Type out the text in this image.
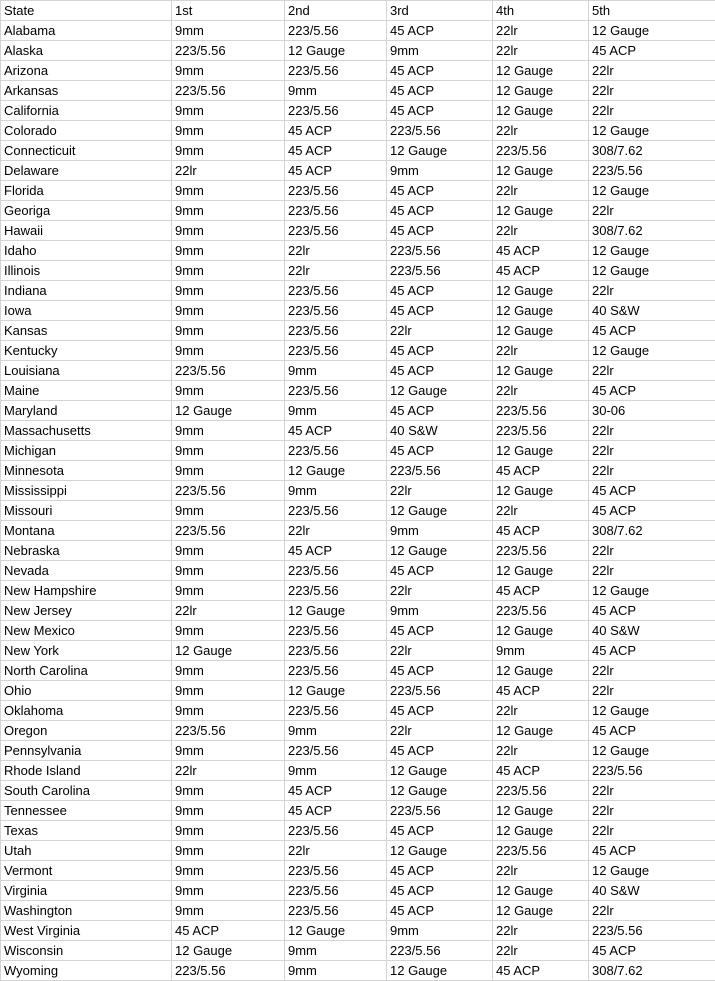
State	1st	2nd	3rd	4th	5th
Alabama	9mm	223/5.56	45 ACP	22lr	12 Gauge
Alaska	223/5.56	12 Gauge	9mm	22lr	45 ACP
Arizona	9mm	223/5.56	45 ACP	12 Gauge	22lr
Arkansas	223/5.56	9mm	45 ACP	12 Gauge	22lr
California	9mm	223/5.56	45 ACP	12 Gauge	22lr
Colorado	9mm	45 ACP	223/5.56	22lr	12 Gauge
Connecticuit	9mm	45 ACP	12 Gauge	223/5.56	308/7.62
Delaware	22lr	45 ACP	9mm	12 Gauge	223/5.56
Florida	9mm	223/5.56	45 ACP	22lr	12 Gauge
Georiga	9mm	223/5.56	45 ACP	12 Gauge	22lr
Hawaii	9mm	223/5.56	45 ACP	22lr	308/7.62
Idaho	9mm	22lr	223/5.56	45 ACP	12 Gauge
Illinois	9mm	22lr	223/5.56	45 ACP	12 Gauge
Indiana	9mm	223/5.56	45 ACP	12 Gauge	22lr
Iowa	9mm	223/5.56	45 ACP	12 Gauge	40 S&W
Kansas	9mm	223/5.56	22lr	12 Gauge	45 ACP
Kentucky	9mm	223/5.56	45 ACP	22lr	12 Gauge
Louisiana	223/5.56	9mm	45 ACP	12 Gauge	22lr
Maine	9mm	223/5.56	12 Gauge	22lr	45 ACP
Maryland	12 Gauge	9mm	45 ACP	223/5.56	30-06
Massachusetts	9mm	45 ACP	40 S&W	223/5.56	22lr
Michigan	9mm	223/5.56	45 ACP	12 Gauge	22lr
Minnesota	9mm	12 Gauge	223/5.56	45 ACP	22lr
Mississippi	223/5.56	9mm	22lr	12 Gauge	45 ACP
Missouri	9mm	223/5.56	12 Gauge	22lr	45 ACP
Montana	223/5.56	22lr	9mm	45 ACP	308/7.62
Nebraska	9mm	45 ACP	12 Gauge	223/5.56	22lr
Nevada	9mm	223/5.56	45 ACP	12 Gauge	22lr
New Hampshire	9mm	223/5.56	22lr	45 ACP	12 Gauge
New Jersey	22lr	12 Gauge	9mm	223/5.56	45 ACP
New Mexico	9mm	223/5.56	45 ACP	12 Gauge	40 S&W
New York	12 Gauge	223/5.56	22lr	9mm	45 ACP
North Carolina	9mm	223/5.56	45 ACP	12 Gauge	22lr
Ohio	9mm	12 Gauge	223/5.56	45 ACP	22lr
Oklahoma	9mm	223/5.56	45 ACP	22lr	12 Gauge
Oregon	223/5.56	9mm	22lr	12 Gauge	45 ACP
Pennsylvania	9mm	223/5.56	45 ACP	22lr	12 Gauge
Rhode Island	22lr	9mm	12 Gauge	45 ACP	223/5.56
South Carolina	9mm	45 ACP	12 Gauge	223/5.56	22lr
Tennessee	9mm	45 ACP	223/5.56	12 Gauge	22lr
Texas	9mm	223/5.56	45 ACP	12 Gauge	22lr
Utah	9mm	22lr	12 Gauge	223/5.56	45 ACP
Vermont	9mm	223/5.56	45 ACP	22lr	12 Gauge
Virginia	9mm	223/5.56	45 ACP	12 Gauge	40 S&W
Washington	9mm	223/5.56	45 ACP	12 Gauge	22lr
West Virginia	45 ACP	12 Gauge	9mm	22lr	223/5.56
Wisconsin	12 Gauge	9mm	223/5.56	22lr	45 ACP
Wyoming	223/5.56	9mm	12 Gauge	45 ACP	308/7.62
